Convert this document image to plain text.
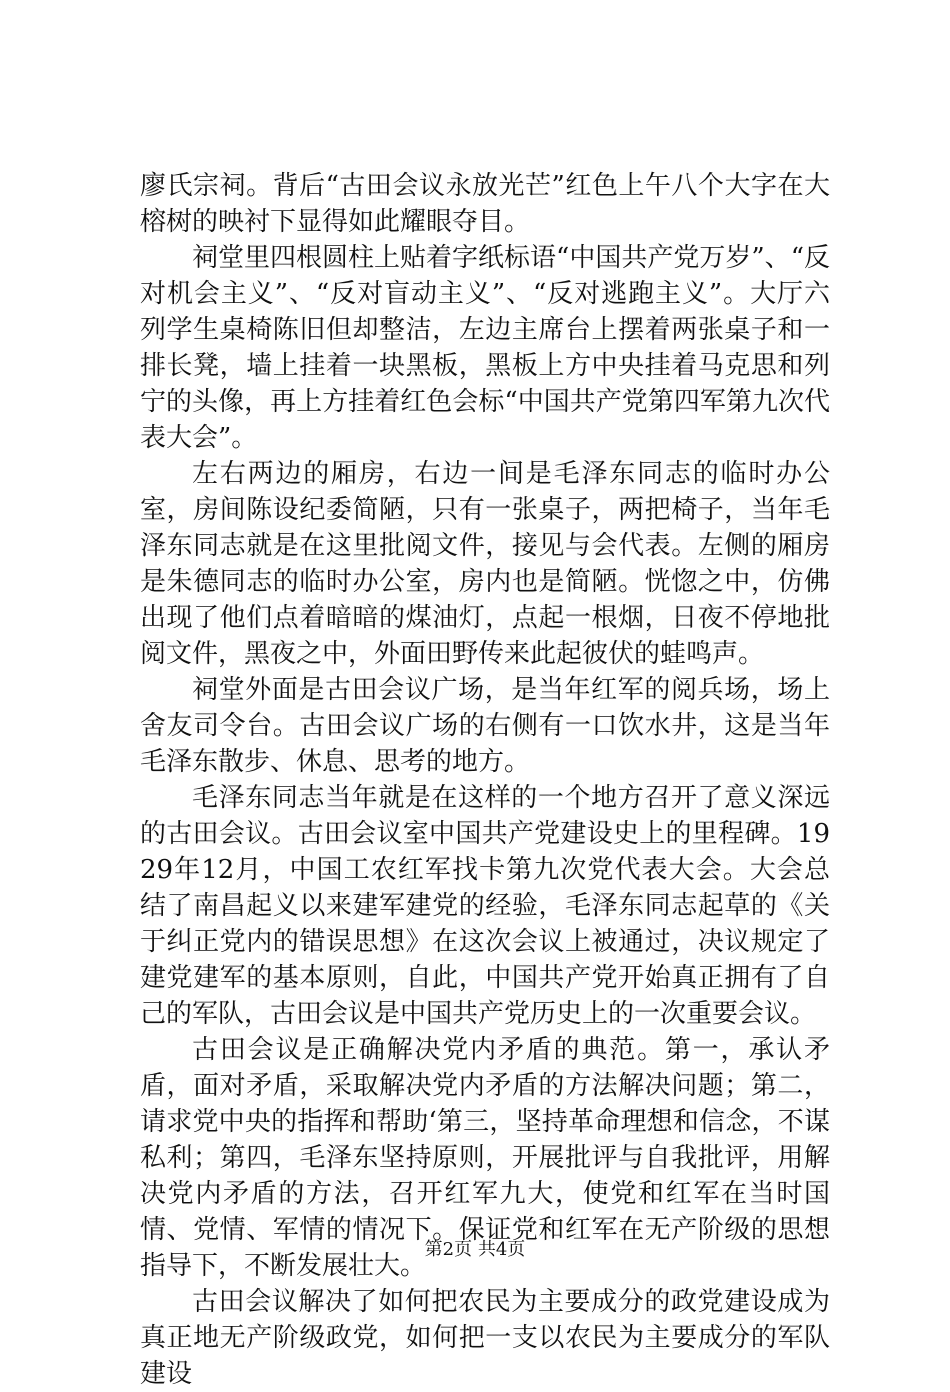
廖氏宗祠。背后“古田会议永放光芒”红色上午八个大字在大榕树的映衬下显得如此耀眼夺目。

祠堂里四根圆柱上贴着字纸标语“中国共产党万岁”、“反对机会主义”、“反对盲动主义”、“反对逃跑主义”。大厅六列学生桌椅陈旧但却整洁，左边主席台上摆着两张桌子和一排长凳，墙上挂着一块黑板，黑板上方中央挂着马克思和列宁的头像，再上方挂着红色会标“中国共产党第四军第九次代表大会”。

左右两边的厢房，右边一间是毛泽东同志的临时办公室，房间陈设纪委简陋，只有一张桌子，两把椅子，当年毛泽东同志就是在这里批阅文件，接见与会代表。左侧的厢房是朱德同志的临时办公室，房内也是简陋。恍惚之中，仿佛出现了他们点着暗暗的煤油灯，点起一根烟，日夜不停地批阅文件，黑夜之中，外面田野传来此起彼伏的蛙鸣声。

祠堂外面是古田会议广场，是当年红军的阅兵场，场上舍友司令台。古田会议广场的右侧有一口饮水井，这是当年毛泽东散步、休息、思考的地方。

毛泽东同志当年就是在这样的一个地方召开了意义深远的古田会议。古田会议室中国共产党建设史上的里程碑。1929年12月，中国工农红军找卡第九次党代表大会。大会总结了南昌起义以来建军建党的经验，毛泽东同志起草的《关于纠正党内的错误思想》在这次会议上被通过，决议规定了建党建军的基本原则，自此，中国共产党开始真正拥有了自己的军队，古田会议是中国共产党历史上的一次重要会议。

古田会议是正确解决党内矛盾的典范。第一，承认矛盾，面对矛盾，采取解决党内矛盾的方法解决问题；第二，请求党中央的指挥和帮助‘第三，坚持革命理想和信念，不谋私利；第四，毛泽东坚持原则，开展批评与自我批评，用解决党内矛盾的方法，召开红军九大，使党和红军在当时国情、党情、军情的情况下。保证党和红军在无产阶级的思想指导下，不断发展壮大。

古田会议解决了如何把农民为主要成分的政党建设成为真正地无产阶级政党，如何把一支以农民为主要成分的军队建设

第2页 共4页
